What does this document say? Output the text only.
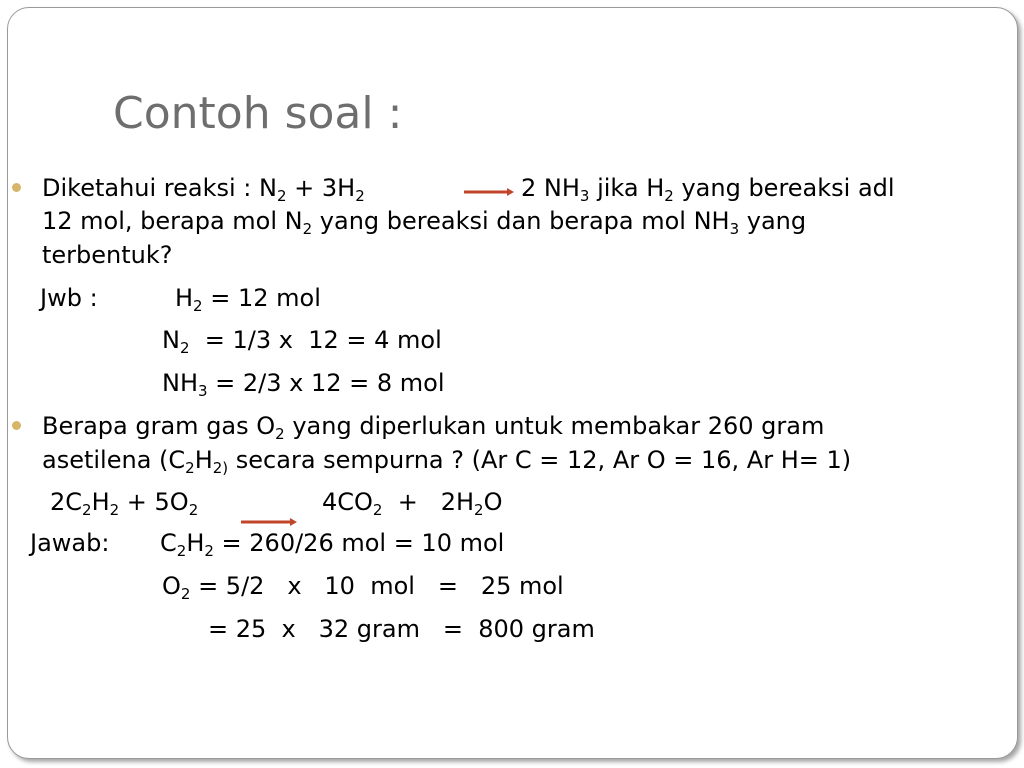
Contoh soal :
Diketahui reaksi : $N_2 + 3H_2$	→ 2 $NH_3$ jika $H_2$ yang bereaksi adl
12 mol, berapa mol $N_2$ yang bereaksi dan berapa mol $NH_3$ yang
terbentuk?
Jwb :	$H_2 = 12$ mol
$N_2 = 1/3$ x  12 = 4 mol
$NH_3 = 2/3$ x 12 = 8 mol
Berapa gram gas $O_2$ yang diperlukan untuk membakar 260 gram
asetilena ($C_2H_{2)}$ secara sempurna ? (Ar C = 12, Ar O = 16, Ar H= 1)
$2C_2H_2 + 5O_2$	$4CO_2 + 2H_2O$
Jawab: $C_2H_2 = 260/26$ mol = 10 mol
$O_2 = 5/2$   x   10  mol   =   25 mol
= 25  x   32 gram   =  800 gram
